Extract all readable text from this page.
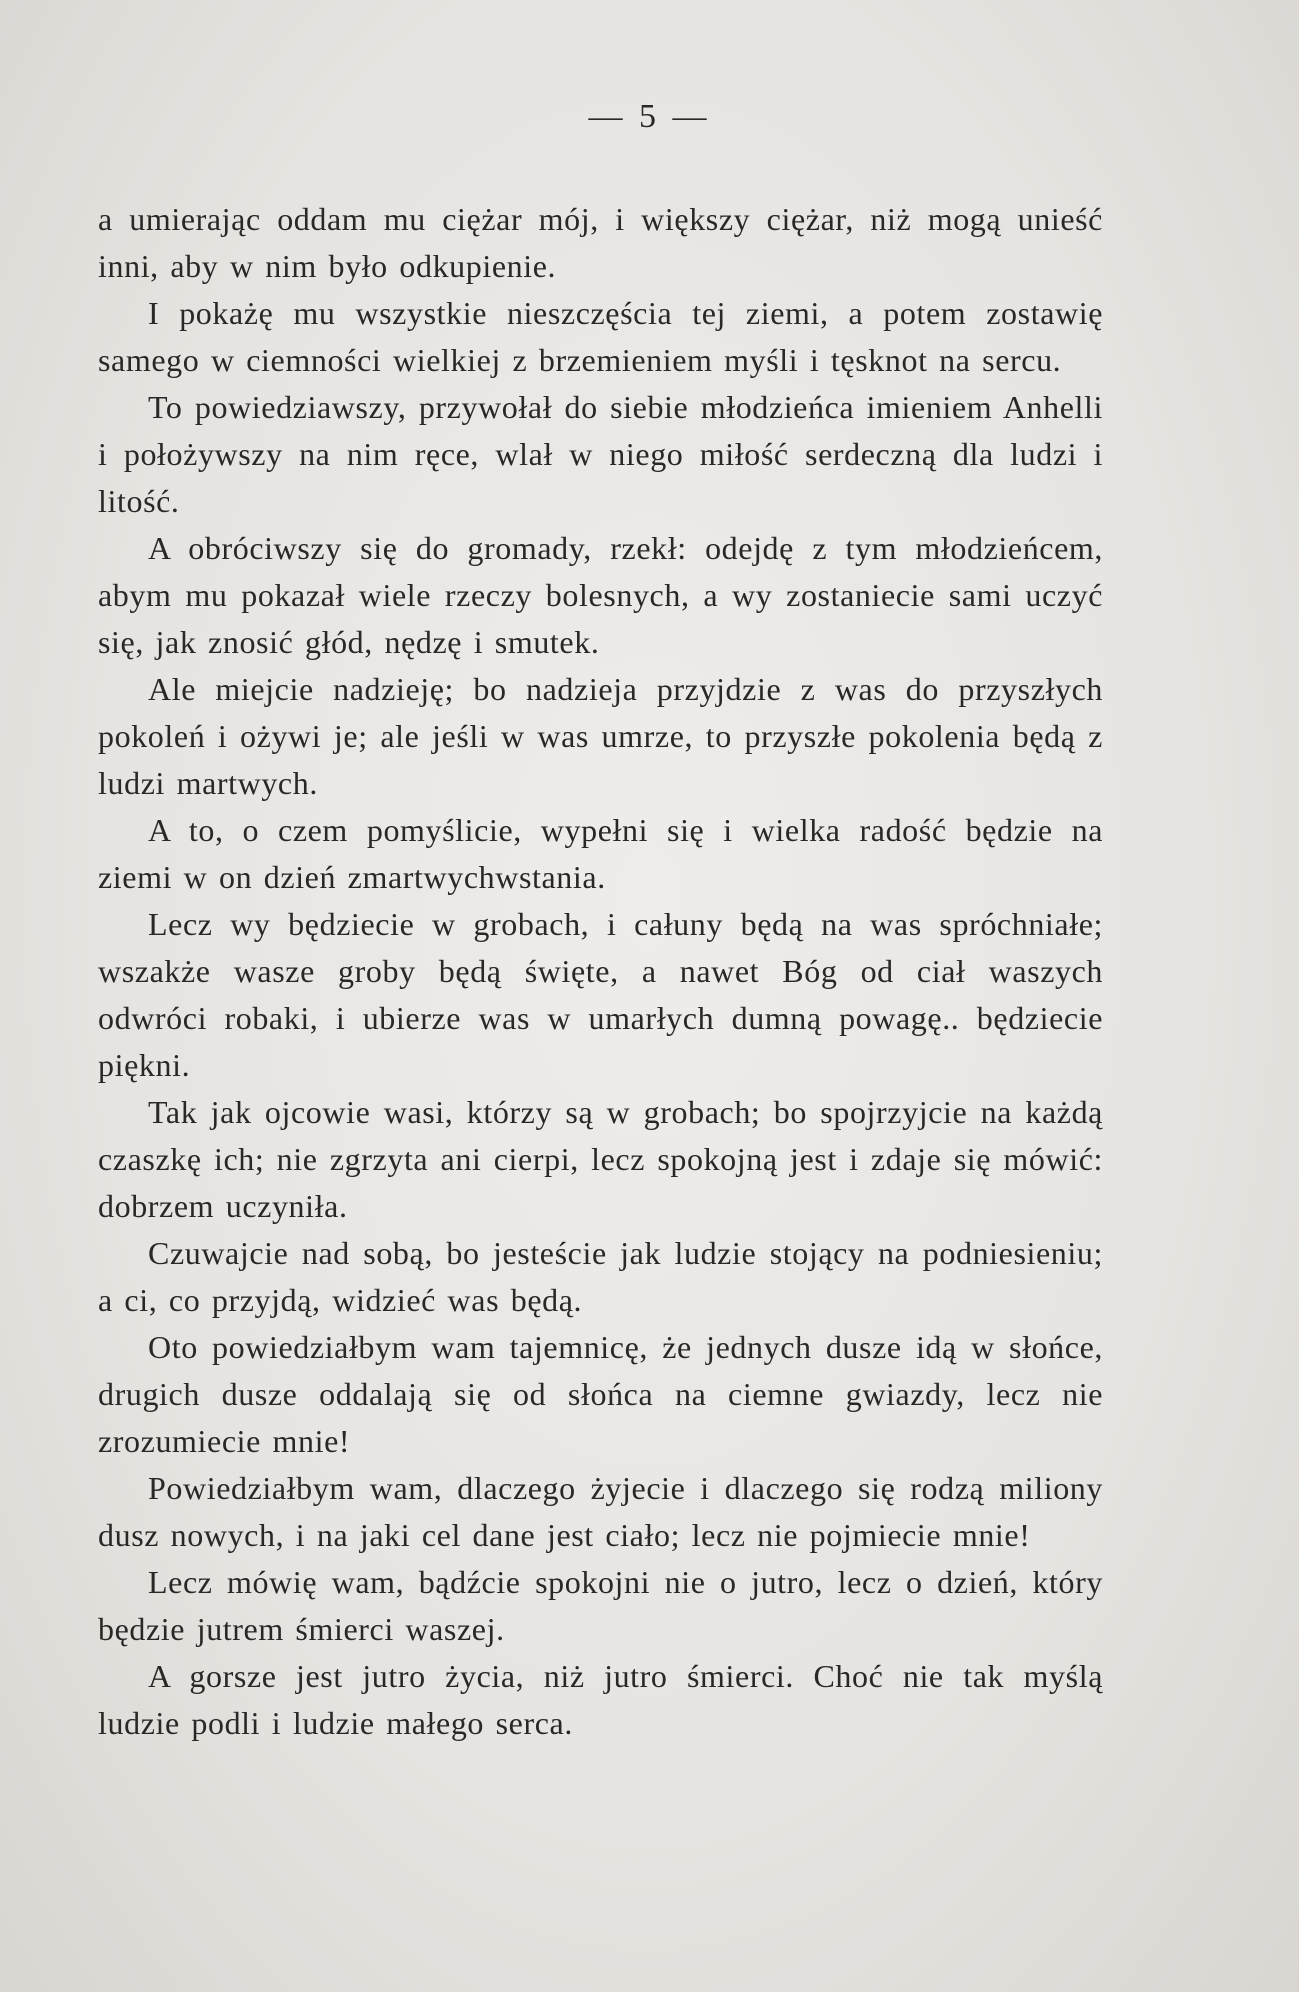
— 5 —

a umierając oddam mu ciężar mój, i większy ciężar, niż mogą unieść inni, aby w nim było odkupienie.

I pokażę mu wszystkie nieszczęścia tej ziemi, a potem zostawię samego w ciemności wielkiej z brzemieniem myśli i tęsknot na sercu.

To powiedziawszy, przywołał do siebie młodzieńca imieniem Anhelli i położywszy na nim ręce, wlał w niego miłość serdeczną dla ludzi i litość.

A obróciwszy się do gromady, rzekł: odejdę z tym młodzieńcem, abym mu pokazał wiele rzeczy bolesnych, a wy zostaniecie sami uczyć się, jak znosić głód, nędzę i smutek.

Ale miejcie nadzieję; bo nadzieja przyjdzie z was do przyszłych pokoleń i ożywi je; ale jeśli w was umrze, to przyszłe pokolenia będą z ludzi martwych.

A to, o czem pomyślicie, wypełni się i wielka radość będzie na ziemi w on dzień zmartwychwstania.

Lecz wy będziecie w grobach, i całuny będą na was spróchniałe; wszakże wasze groby będą święte, a nawet Bóg od ciał waszych odwróci robaki, i ubierze was w umarłych dumną powagę.. będziecie piękni.

Tak jak ojcowie wasi, którzy są w grobach; bo spojrzyjcie na każdą czaszkę ich; nie zgrzyta ani cierpi, lecz spokojną jest i zdaje się mówić: dobrzem uczyniła.

Czuwajcie nad sobą, bo jesteście jak ludzie stojący na podniesieniu; a ci, co przyjdą, widzieć was będą.

Oto powiedziałbym wam tajemnicę, że jednych dusze idą w słońce, drugich dusze oddalają się od słońca na ciemne gwiazdy, lecz nie zrozumiecie mnie!

Powiedziałbym wam, dlaczego żyjecie i dlaczego się rodzą miliony dusz nowych, i na jaki cel dane jest ciało; lecz nie pojmiecie mnie!

Lecz mówię wam, bądźcie spokojni nie o jutro, lecz o dzień, który będzie jutrem śmierci waszej.

A gorsze jest jutro życia, niż jutro śmierci. Choć nie tak myślą ludzie podli i ludzie małego serca.
